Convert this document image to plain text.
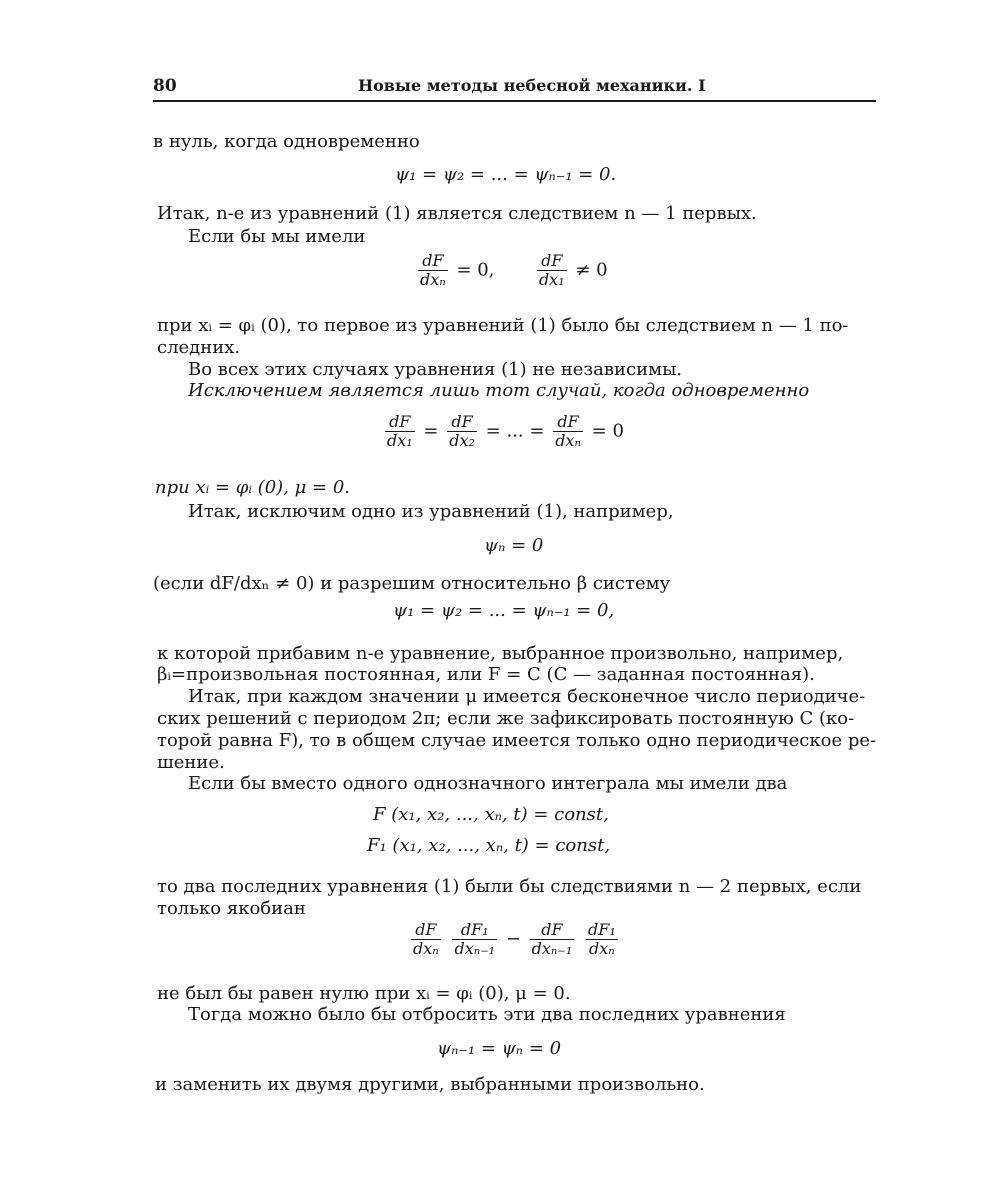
80	Новые методы небесной механики. I
в нуль, когда одновременно
ψ₁ = ψ₂ = ... = ψₙ₋₁ = 0.
Итак, n-е из уравнений (1) является следствием n — 1 первых.
Если бы мы имели
$\frac{dF}{\text{dxₙ}} = 0$,	$\frac{dF}{\text{dx₁}} \ne 0$
при xᵢ = φᵢ (0), то первое из уравнений (1) было бы следствием n — 1 по-
следних.
Во всех этих случаях уравнения (1) не независимы.
Исключением является лишь тот случай, когда одновременно
$\frac{dF}{\text{dx₁}} = \frac{dF}{\text{dx₂}}$ = ... = $\frac{dF}{\text{dxₙ}} = 0$
при xᵢ = φᵢ (0), μ = 0.
Итак, исключим одно из уравнений (1), например,
ψₙ = 0
(если dF/dxₙ ≠ 0) и разрешим относительно β систему
ψ₁ = ψ₂ = ... = ψₙ₋₁ = 0,
к которой прибавим n-е уравнение, выбранное произвольно, например,
βᵢ=произвольная постоянная, или F = C (C — заданная постоянная).
Итак, при каждом значении μ имеется бесконечное число периодиче-
ских решений с периодом 2π; если же зафиксировать постоянную C (ко-
торой равна F), то в общем случае имеется только одно периодическое ре-
шение.
Если бы вместо одного однозначного интеграла мы имели два
F (x₁, x₂, ..., xₙ, t) = const,
F₁ (x₁, x₂, ..., xₙ, t) = const,
то два последних уравнения (1) были бы следствиями n — 2 первых, если
только якобиан
$\frac{dF}{\text{dxₙ}}$
$\frac{\text{dF₁}}{\text{dxₙ₋₁}} - \frac{dF}{\text{dxₙ₋₁}}$
$\frac{\text{dF₁}}{\text{dxₙ}}$
не был бы равен нулю при xᵢ = φᵢ (0), μ = 0.
Тогда можно было бы отбросить эти два последних уравнения
ψₙ₋₁ = ψₙ = 0
и заменить их двумя другими, выбранными произвольно.
